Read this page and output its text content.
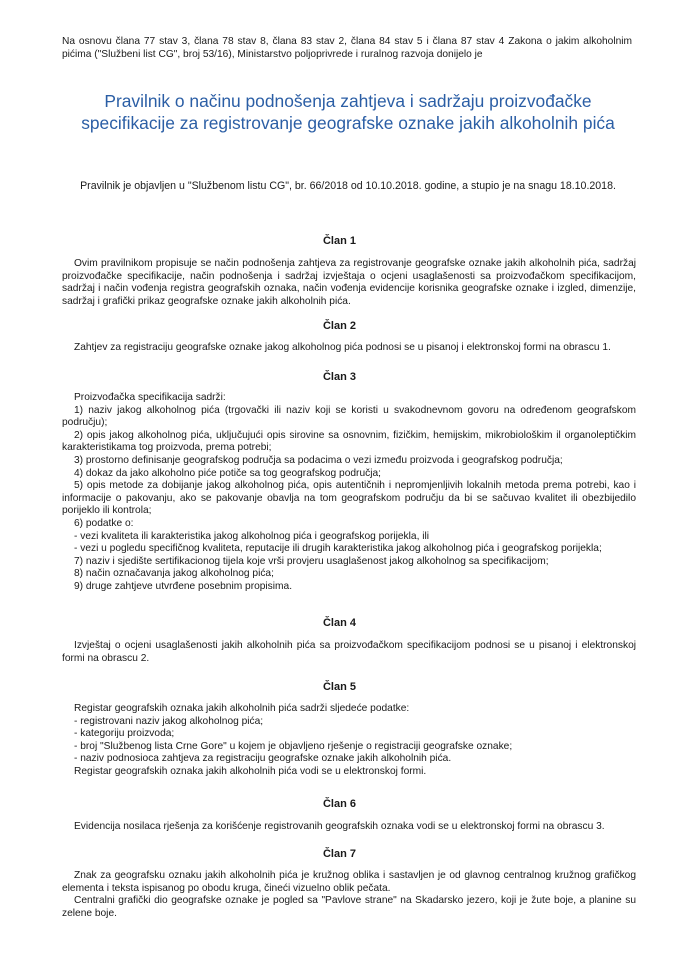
Na osnovu člana 77 stav 3, člana 78 stav 8, člana 83 stav 2, člana 84 stav 5 i člana 87 stav 4 Zakona o jakim alkoholnim pićima ("Službeni list CG", broj 53/16), Ministarstvo poljoprivrede i ruralnog razvoja donijelo je
Pravilnik o načinu podnošenja zahtjeva i sadržaju proizvođačke specifikacije za registrovanje geografske oznake jakih alkoholnih pića
Pravilnik je objavljen u "Službenom listu CG", br. 66/2018 od 10.10.2018. godine, a stupio je na snagu 18.10.2018.
Član 1

Ovim pravilnikom propisuje se način podnošenja zahtjeva za registrovanje geografske oznake jakih alkoholnih pića, sadržaj proizvođačke specifikacije, način podnošenja i sadržaj izvještaja o ocjeni usaglašenosti sa proizvođačkom specifikacijom, sadržaj i način vođenja registra geografskih oznaka, način vođenja evidencije korisnika geografske oznake i izgled, dimenzije, sadržaj i grafički prikaz geografske oznake jakih alkoholnih pića.

Član 2

Zahtjev za registraciju geografske oznake jakog alkoholnog pića podnosi se u pisanoj i elektronskoj formi na obrascu 1.

Član 3

Proizvođačka specifikacija sadrži:

1) naziv jakog alkoholnog pića (trgovački ili naziv koji se koristi u svakodnevnom govoru na određenom geografskom području);

2) opis jakog alkoholnog pića, uključujući opis sirovine sa osnovnim, fizičkim, hemijskim, mikrobiološkim il organoleptičkim karakteristikama tog proizvoda, prema potrebi;

3) prostorno definisanje geografskog područja sa podacima o vezi između proizvoda i geografskog područja;

4) dokaz da jako alkoholno piće potiče sa tog geografskog područja;

5) opis metode za dobijanje jakog alkoholnog pića, opis autentičnih i nepromjenljivih lokalnih metoda prema potrebi, kao i informacije o pakovanju, ako se pakovanje obavlja na tom geografskom području da bi se sačuvao kvalitet ili obezbijedilo porijeklo ili kontrola;

6) podatke o:

- vezi kvaliteta ili karakteristika jakog alkoholnog pića i geografskog porijekla, ili

- vezi u pogledu specifičnog kvaliteta, reputacije ili drugih karakteristika jakog alkoholnog pića i geografskog porijekla;

7) naziv i sjedište sertifikacionog tijela koje vrši provjeru usaglašenost jakog alkoholnog sa specifikacijom;

8) način označavanja jakog alkoholnog pića;

9) druge zahtjeve utvrđene posebnim propisima.

Član 4

Izvještaj o ocjeni usaglašenosti jakih alkoholnih pića sa proizvođačkom specifikacijom podnosi se u pisanoj i elektronskoj formi na obrascu 2.

Član 5

Registar geografskih oznaka jakih alkoholnih pića sadrži sljedeće podatke:

- registrovani naziv jakog alkoholnog pića;

- kategoriju proizvoda;

- broj "Službenog lista Crne Gore" u kojem je objavljeno rješenje o registraciji geografske oznake;

- naziv podnosioca zahtjeva za registraciju geografske oznake jakih alkoholnih pića.

Registar geografskih oznaka jakih alkoholnih pića vodi se u elektronskoj formi.

Član 6

Evidencija nosilaca rješenja za korišćenje registrovanih geografskih oznaka vodi se u elektronskoj formi na obrascu 3.

Član 7

Znak za geografsku oznaku jakih alkoholnih pića je kružnog oblika i sastavljen je od glavnog centralnog kružnog grafičkog elementa i teksta ispisanog po obodu kruga, čineći vizuelno oblik pečata.

Centralni grafički dio geografske oznake je pogled sa "Pavlove strane" na Skadarsko jezero, koji je žute boje, a planine su zelene boje.
